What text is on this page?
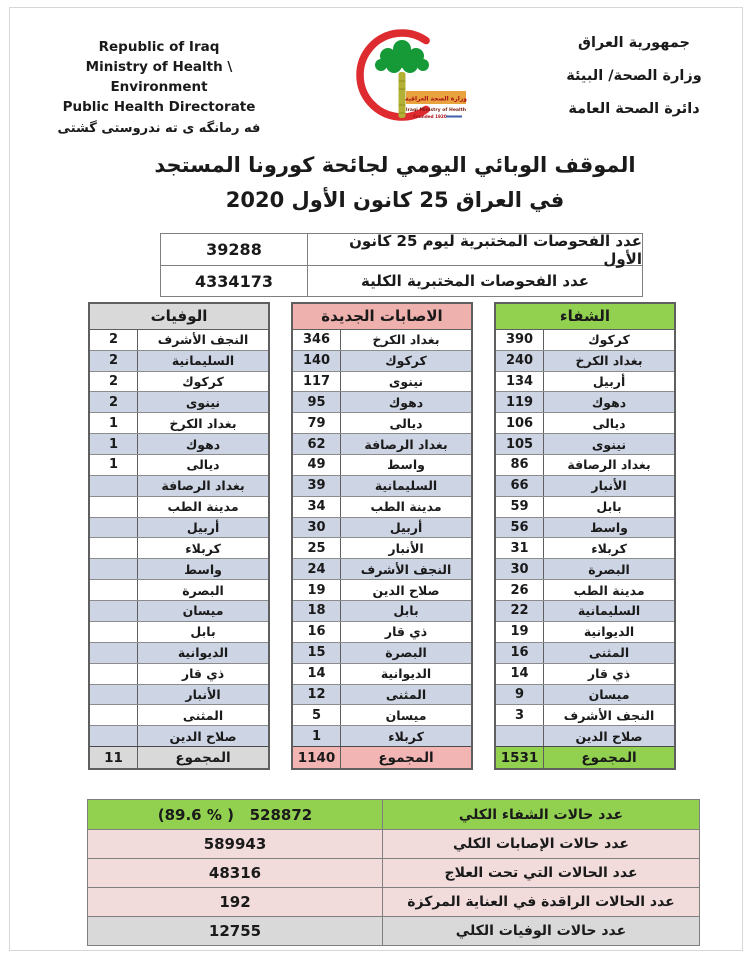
Republic of Iraq
Ministry of Health \ Environment
Public Health Directorate
فه رمانگه ى ته ندروستى گشتى
وزارة الصحة العراقية
Iraqi Ministry of Health
Founded 1920
جمهورية العراق
وزارة الصحة/ البيئة
دائرة الصحة العامة
الموقف الوبائي اليومي لجائحة كورونا المستجد
في العراق 25 كانون الأول 2020
39288	عدد الفحوصات المختبرية ليوم 25 كانون الأول
4334173	عدد الفحوصات المختبرية الكلية
الوفيات
2	النجف الأشرف
2	السليمانية
2	كركوك
2	نينوى
1	بغداد الكرخ
1	دهوك
1	ديالى
بغداد الرصافة
مدينة الطب
أربيل
كربلاء
واسط
البصرة
ميسان
بابل
الديوانية
ذي قار
الأنبار
المثنى
صلاح الدين
11	المجموع
الاصابات الجديدة
346	بغداد الكرخ
140	كركوك
117	نينوى
95	دهوك
79	ديالى
62	بغداد الرصافة
49	واسط
39	السليمانية
34	مدينة الطب
30	أربيل
25	الأنبار
24	النجف الأشرف
19	صلاح الدين
18	بابل
16	ذي قار
15	البصرة
14	الديوانية
12	المثنى
5	ميسان
1	كربلاء
1140	المجموع
الشفاء
390	كركوك
240	بغداد الكرخ
134	أربيل
119	دهوك
106	ديالى
105	نينوى
86	بغداد الرصافة
66	الأنبار
59	بابل
56	واسط
31	كربلاء
30	البصرة
26	مدينة الطب
22	السليمانية
19	الديوانية
16	المثنى
14	ذي قار
9	ميسان
3	النجف الأشرف
صلاح الدين
1531	المجموع
(89.6 % )   528872	عدد حالات الشفاء الكلي
589943	عدد حالات الإصابات الكلي
48316	عدد الحالات التي تحت العلاج
192	عدد الحالات الراقدة في العناية المركزة
12755	عدد حالات الوفيات الكلي
